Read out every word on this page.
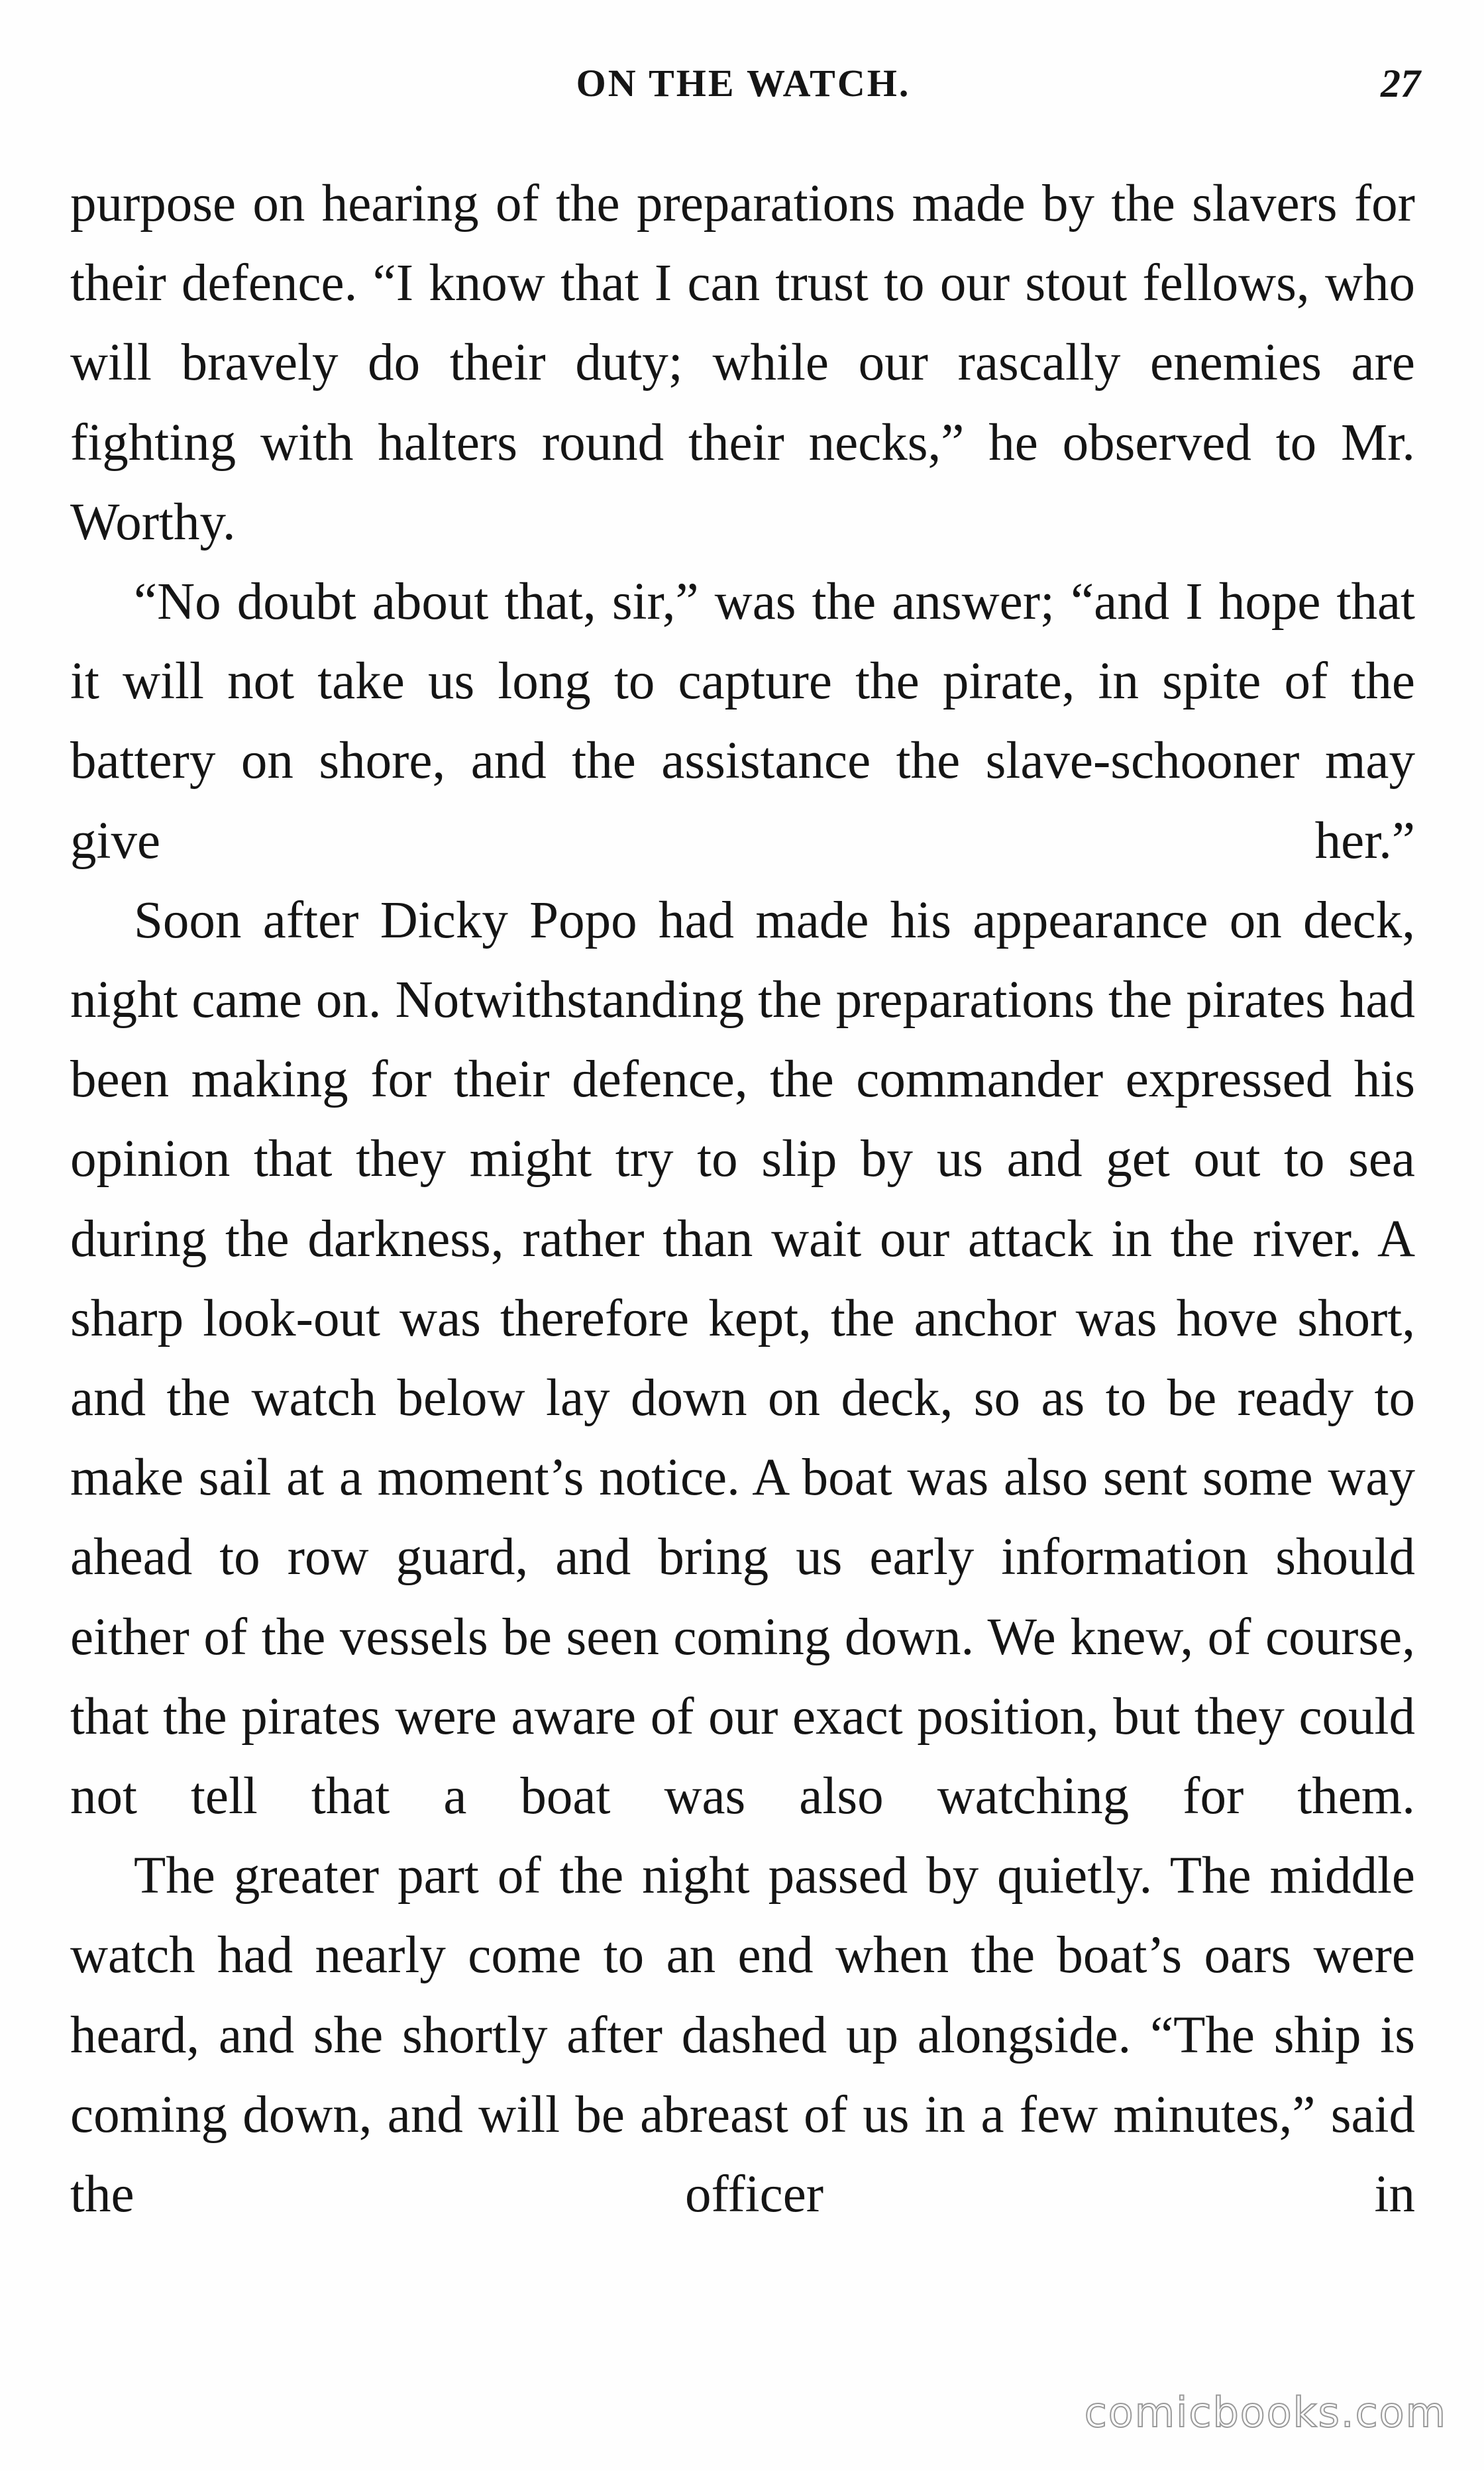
ON THE WATCH.	27

purpose on hearing of the preparations made by the slavers for their defence. “I know that I can trust to our stout fellows, who will bravely do their duty; while our rascally enemies are fighting with halters round their necks,” he observed to Mr. Worthy.

“No doubt about that, sir,” was the answer; “and I hope that it will not take us long to capture the pirate, in spite of the battery on shore, and the assistance the slave-schooner may give her.”

Soon after Dicky Popo had made his appearance on deck, night came on. Notwithstanding the preparations the pirates had been making for their defence, the commander expressed his opinion that they might try to slip by us and get out to sea during the darkness, rather than wait our attack in the river. A sharp look-out was therefore kept, the anchor was hove short, and the watch below lay down on deck, so as to be ready to make sail at a moment’s notice. A boat was also sent some way ahead to row guard, and bring us early information should either of the vessels be seen coming down. We knew, of course, that the pirates were aware of our exact position, but they could not tell that a boat was also watching for them.

The greater part of the night passed by quietly. The middle watch had nearly come to an end when the boat’s oars were heard, and she shortly after dashed up alongside. “The ship is coming down, and will be abreast of us in a few minutes,” said the officer in

comicbooks.com
